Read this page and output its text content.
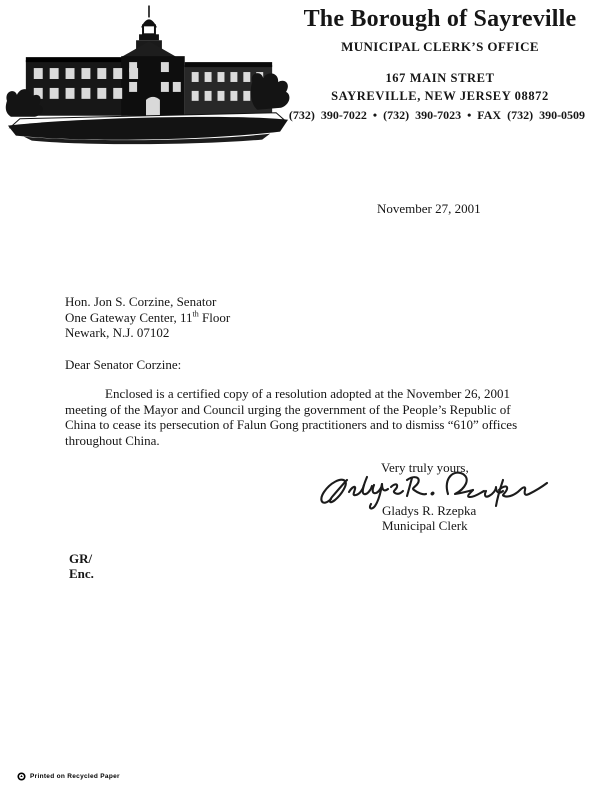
The Borough of Sayreville
MUNICIPAL CLERK’S OFFICE
167 MAIN STRET
SAYREVILLE, NEW JERSEY 08872
(732) 390-7022 • (732) 390-7023 • FAX (732) 390-0509
November 27, 2001
Hon. Jon S. Corzine, Senator
One Gateway Center, 11th Floor
Newark, N.J. 07102
Dear Senator Corzine:
Enclosed is a certified copy of a resolution adopted at the November 26, 2001
meeting of the Mayor and Council urging the government of the People’s Republic of
China to cease its persecution of Falun Gong practitioners and to dismiss “610” offices
throughout China.
Very truly yours,
Gladys R. Rzepka
Municipal Clerk
GR/
Enc.
Printed on Recycled Paper
